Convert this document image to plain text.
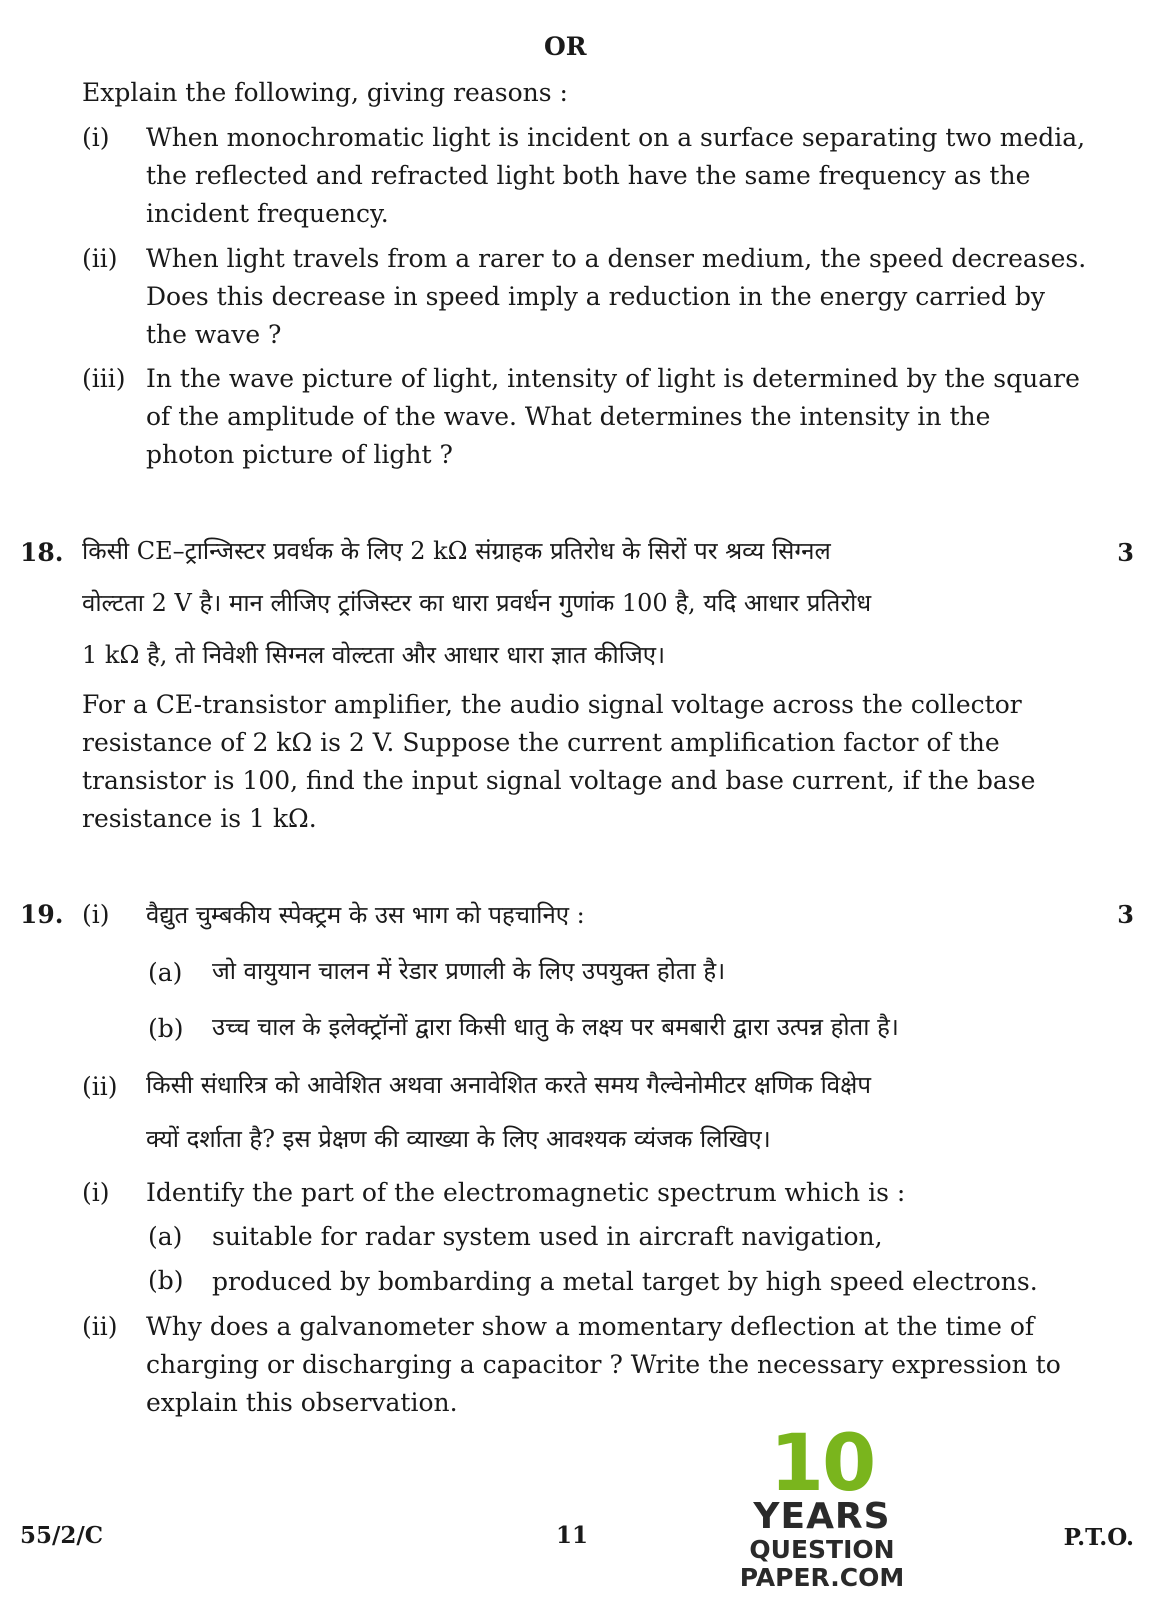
OR
Explain the following, giving reasons :
(i) When monochromatic light is incident on a surface separating two media,
the reflected and refracted light both have the same frequency as the
incident frequency.
(ii) When light travels from a rarer to a denser medium, the speed decreases.
Does this decrease in speed imply a reduction in the energy carried by
the wave ?
(iii) In the wave picture of light, intensity of light is determined by the square
of the amplitude of the wave. What determines the intensity in the
photon picture of light ?
18.	3
किसी CE–ट्रान्जिस्टर प्रवर्धक के लिए 2 kΩ संग्राहक प्रतिरोध के सिरों पर श्रव्य सिग्नल
वोल्टता 2 V है। मान लीजिए ट्रांजिस्टर का धारा प्रवर्धन गुणांक 100 है, यदि आधार प्रतिरोध
1 kΩ है, तो निवेशी सिग्नल वोल्टता और आधार धारा ज्ञात कीजिए।
For a CE-transistor amplifier, the audio signal voltage across the collector
resistance of 2 kΩ is 2 V. Suppose the current amplification factor of the
transistor is 100, find the input signal voltage and base current, if the base
resistance is 1 kΩ.
19.	3
(i) वैद्युत चुम्बकीय स्पेक्ट्रम के उस भाग को पहचानिए :
(a) जो वायुयान चालन में रेडार प्रणाली के लिए उपयुक्त होता है।
(b) उच्च चाल के इलेक्ट्रॉनों द्वारा किसी धातु के लक्ष्य पर बमबारी द्वारा उत्पन्न होता है।
(ii) किसी संधारित्र को आवेशित अथवा अनावेशित करते समय गैल्वेनोमीटर क्षणिक विक्षेप
क्यों दर्शाता है? इस प्रेक्षण की व्याख्या के लिए आवश्यक व्यंजक लिखिए।
(i) Identify the part of the electromagnetic spectrum which is :
(a) suitable for radar system used in aircraft navigation,
(b) produced by bombarding a metal target by high speed electrons.
(ii) Why does a galvanometer show a momentary deflection at the time of
charging or discharging a capacitor ? Write the necessary expression to
explain this observation.
10
YEARS
QUESTION PAPER.COM
55/2/C	11	P.T.O.
